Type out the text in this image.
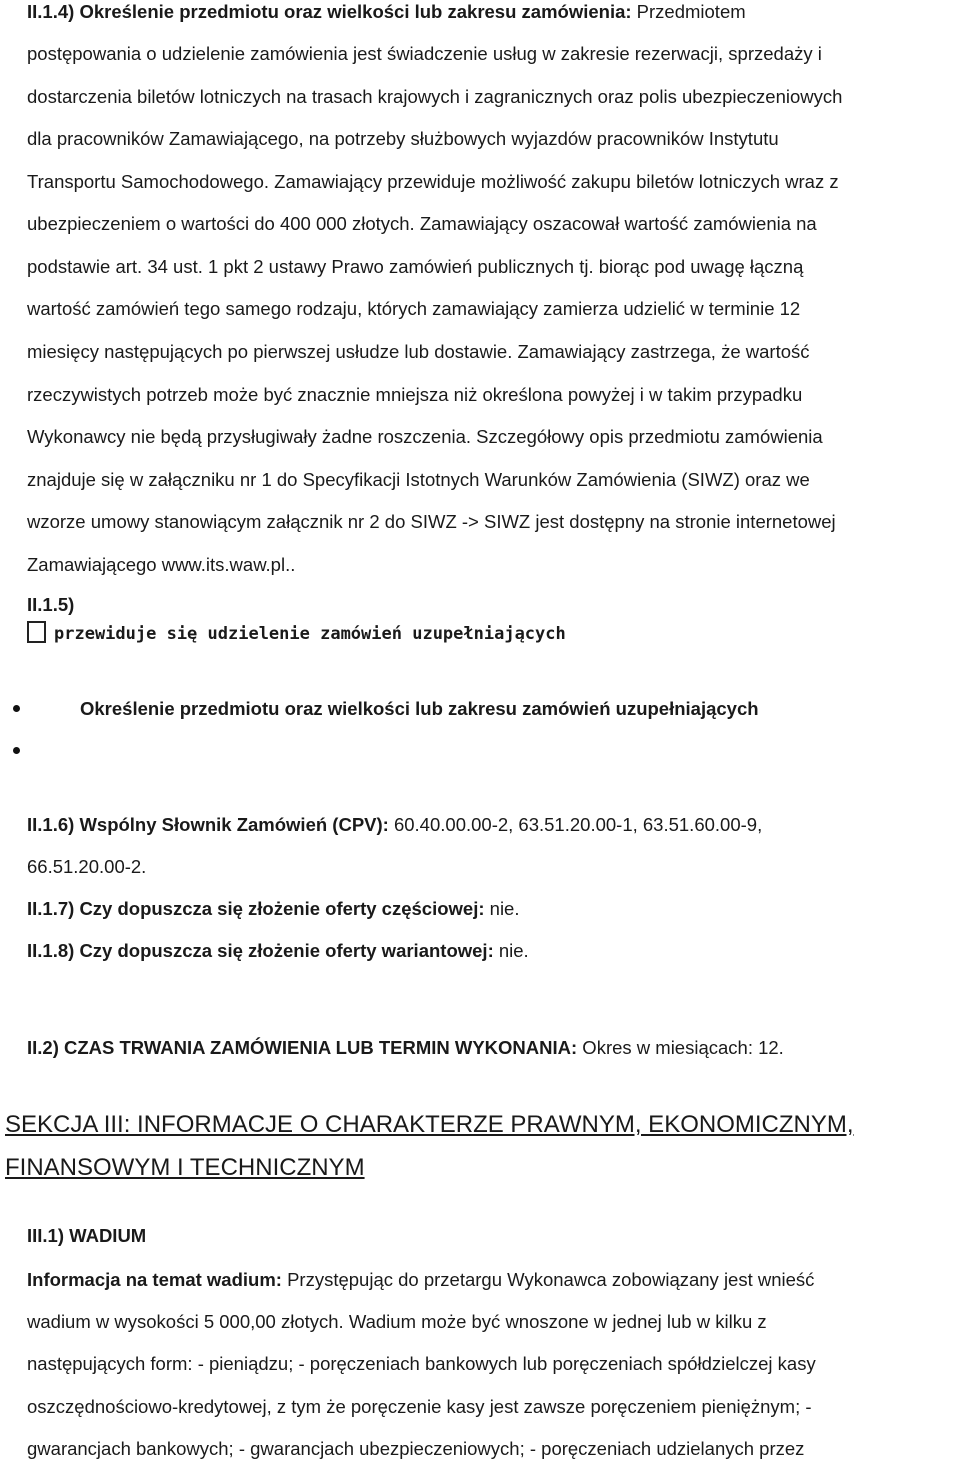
II.1.4) Określenie przedmiotu oraz wielkości lub zakresu zamówienia: Przedmiotem
postępowania o udzielenie zamówienia jest świadczenie usług w zakresie rezerwacji, sprzedaży i
dostarczenia biletów lotniczych na trasach krajowych i zagranicznych oraz polis ubezpieczeniowych
dla pracowników Zamawiającego, na potrzeby służbowych wyjazdów pracowników Instytutu
Transportu Samochodowego. Zamawiający przewiduje możliwość zakupu biletów lotniczych wraz z
ubezpieczeniem o wartości do 400 000 złotych. Zamawiający oszacował wartość zamówienia na
podstawie art. 34 ust. 1 pkt 2 ustawy Prawo zamówień publicznych tj. biorąc pod uwagę łączną
wartość zamówień tego samego rodzaju, których zamawiający zamierza udzielić w terminie 12
miesięcy następujących po pierwszej usłudze lub dostawie. Zamawiający zastrzega, że wartość
rzeczywistych potrzeb może być znacznie mniejsza niż określona powyżej i w takim przypadku
Wykonawcy nie będą przysługiwały żadne roszczenia. Szczegółowy opis przedmiotu zamówienia
znajduje się w załączniku nr 1 do Specyfikacji Istotnych Warunków Zamówienia (SIWZ) oraz we
wzorze umowy stanowiącym załącznik nr 2 do SIWZ -> SIWZ jest dostępny na stronie internetowej
Zamawiającego www.its.waw.pl..
II.1.5)
przewiduje się udzielenie zamówień uzupełniających
Określenie przedmiotu oraz wielkości lub zakresu zamówień uzupełniających
II.1.6) Wspólny Słownik Zamówień (CPV): 60.40.00.00-2, 63.51.20.00-1, 63.51.60.00-9,
66.51.20.00-2.
II.1.7) Czy dopuszcza się złożenie oferty częściowej: nie.
II.1.8) Czy dopuszcza się złożenie oferty wariantowej: nie.
II.2) CZAS TRWANIA ZAMÓWIENIA LUB TERMIN WYKONANIA: Okres w miesiącach: 12.
SEKCJA III: INFORMACJE O CHARAKTERZE PRAWNYM, EKONOMICZNYM,
FINANSOWYM I TECHNICZNYM
III.1) WADIUM
Informacja na temat wadium: Przystępując do przetargu Wykonawca zobowiązany jest wnieść
wadium w wysokości 5 000,00 złotych. Wadium może być wnoszone w jednej lub w kilku z
następujących form: - pieniądzu; - poręczeniach bankowych lub poręczeniach spółdzielczej kasy
oszczędnościowo-kredytowej, z tym że poręczenie kasy jest zawsze poręczeniem pieniężnym; -
gwarancjach bankowych; - gwarancjach ubezpieczeniowych; - poręczeniach udzielanych przez
